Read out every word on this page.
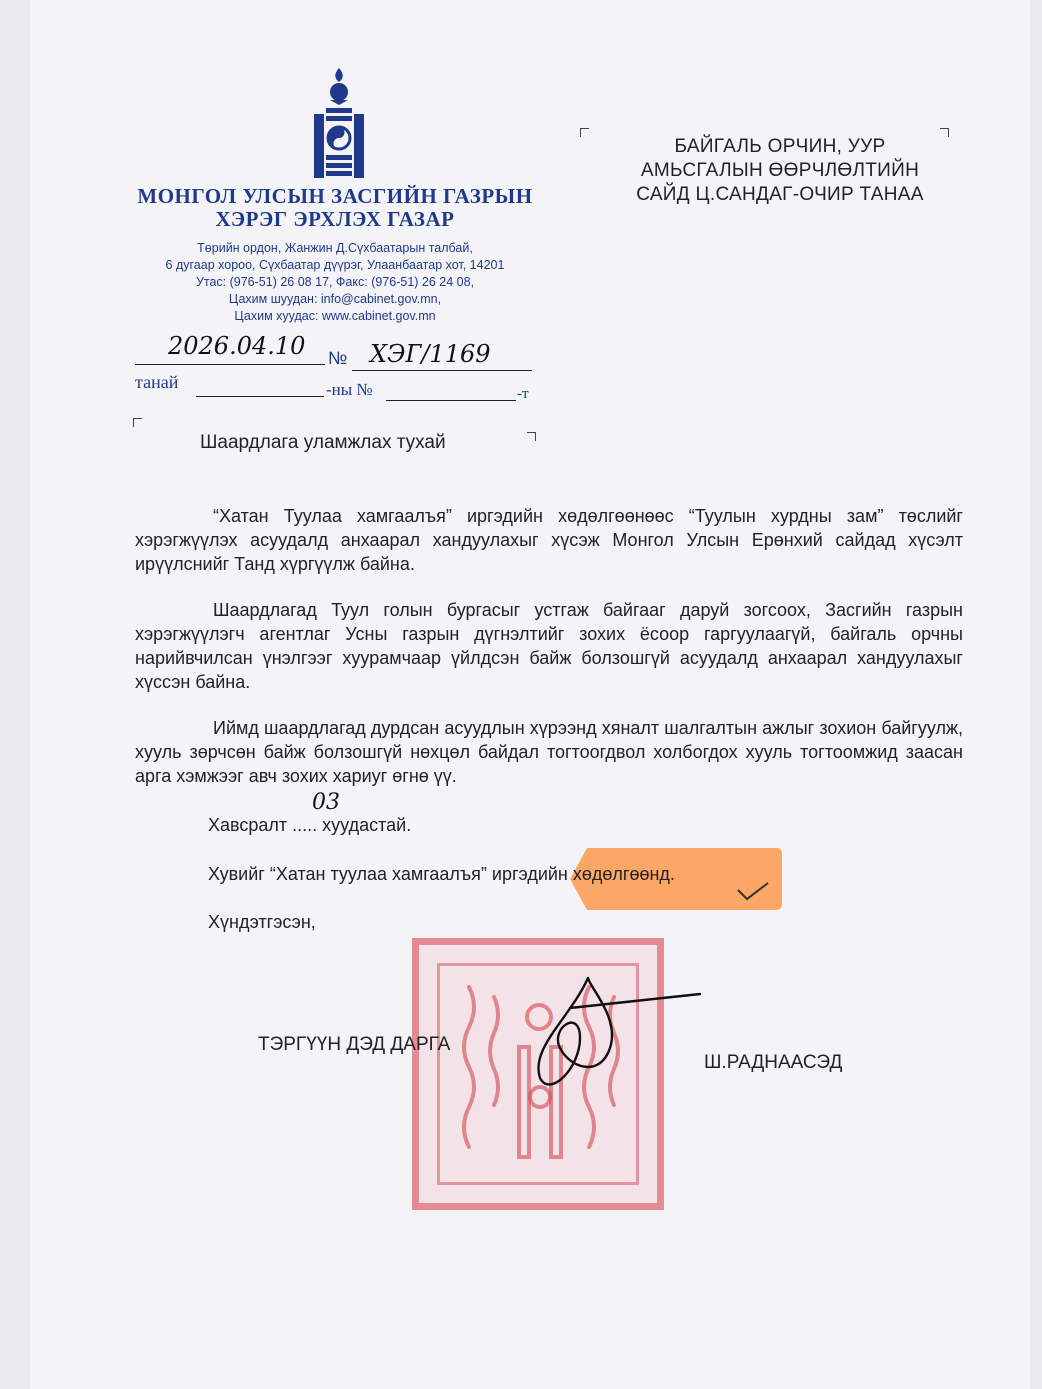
МОНГОЛ УЛСЫН ЗАСГИЙН ГАЗРЫН
ХЭРЭГ ЭРХЛЭХ ГАЗАР
Төрийн ордон, Жанжин Д.Сүхбаатарын талбай,
6 дугаар хороо, Сүхбаатар дүүрэг, Улаанбаатар хот, 14201
Утас: (976-51) 26 08 17, Факс: (976-51) 26 24 08,
Цахим шуудан: info@cabinet.gov.mn,
Цахим хуудас: www.cabinet.gov.mn
БАЙГАЛЬ ОРЧИН, УУР
АМЬСГАЛЫН ӨӨРЧЛӨЛТИЙН
САЙД Ц.САНДАГ-ОЧИР ТАНАА
2026.04.10 № ХЭГ/1169
танай	-ны №	-т
Шаардлага уламжлах тухай

“Хатан Туулаа хамгаалъя” иргэдийн хөдөлгөөнөөс “Туулын хурдны зам” төслийг хэрэгжүүлэх асуудалд анхаарал хандуулахыг хүсэж Монгол Улсын Ерөнхий сайдад хүсэлт ирүүлснийг Танд хүргүүлж байна.

Шаардлагад Туул голын бургасыг устгаж байгааг даруй зогсоох, Засгийн газрын хэрэгжүүлэгч агентлаг Усны газрын дүгнэлтийг зохих ёсоор гаргуулаагүй, байгаль орчны нарийвчилсан үнэлгээг хуурамчаар үйлдсэн байж болзошгүй асуудалд анхаарал хандуулахыг хүссэн байна.

Иймд шаардлагад дурдсан асуудлын хүрээнд хяналт шалгалтын ажлыг зохион байгуулж, хууль зөрчсөн байж болзошгүй нөхцөл байдал тогтоогдвол холбогдох хууль тогтоомжид заасан арга хэмжээг авч зохих хариуг өгнө үү.

Хавсралт ..... хуудастай.
03
Хувийг “Хатан туулаа хамгаалъя” иргэдийн хөдөлгөөнд.
Хүндэтгэсэн,
ТЭРГҮҮН ДЭД ДАРГА
Ш.РАДНААСЭД
